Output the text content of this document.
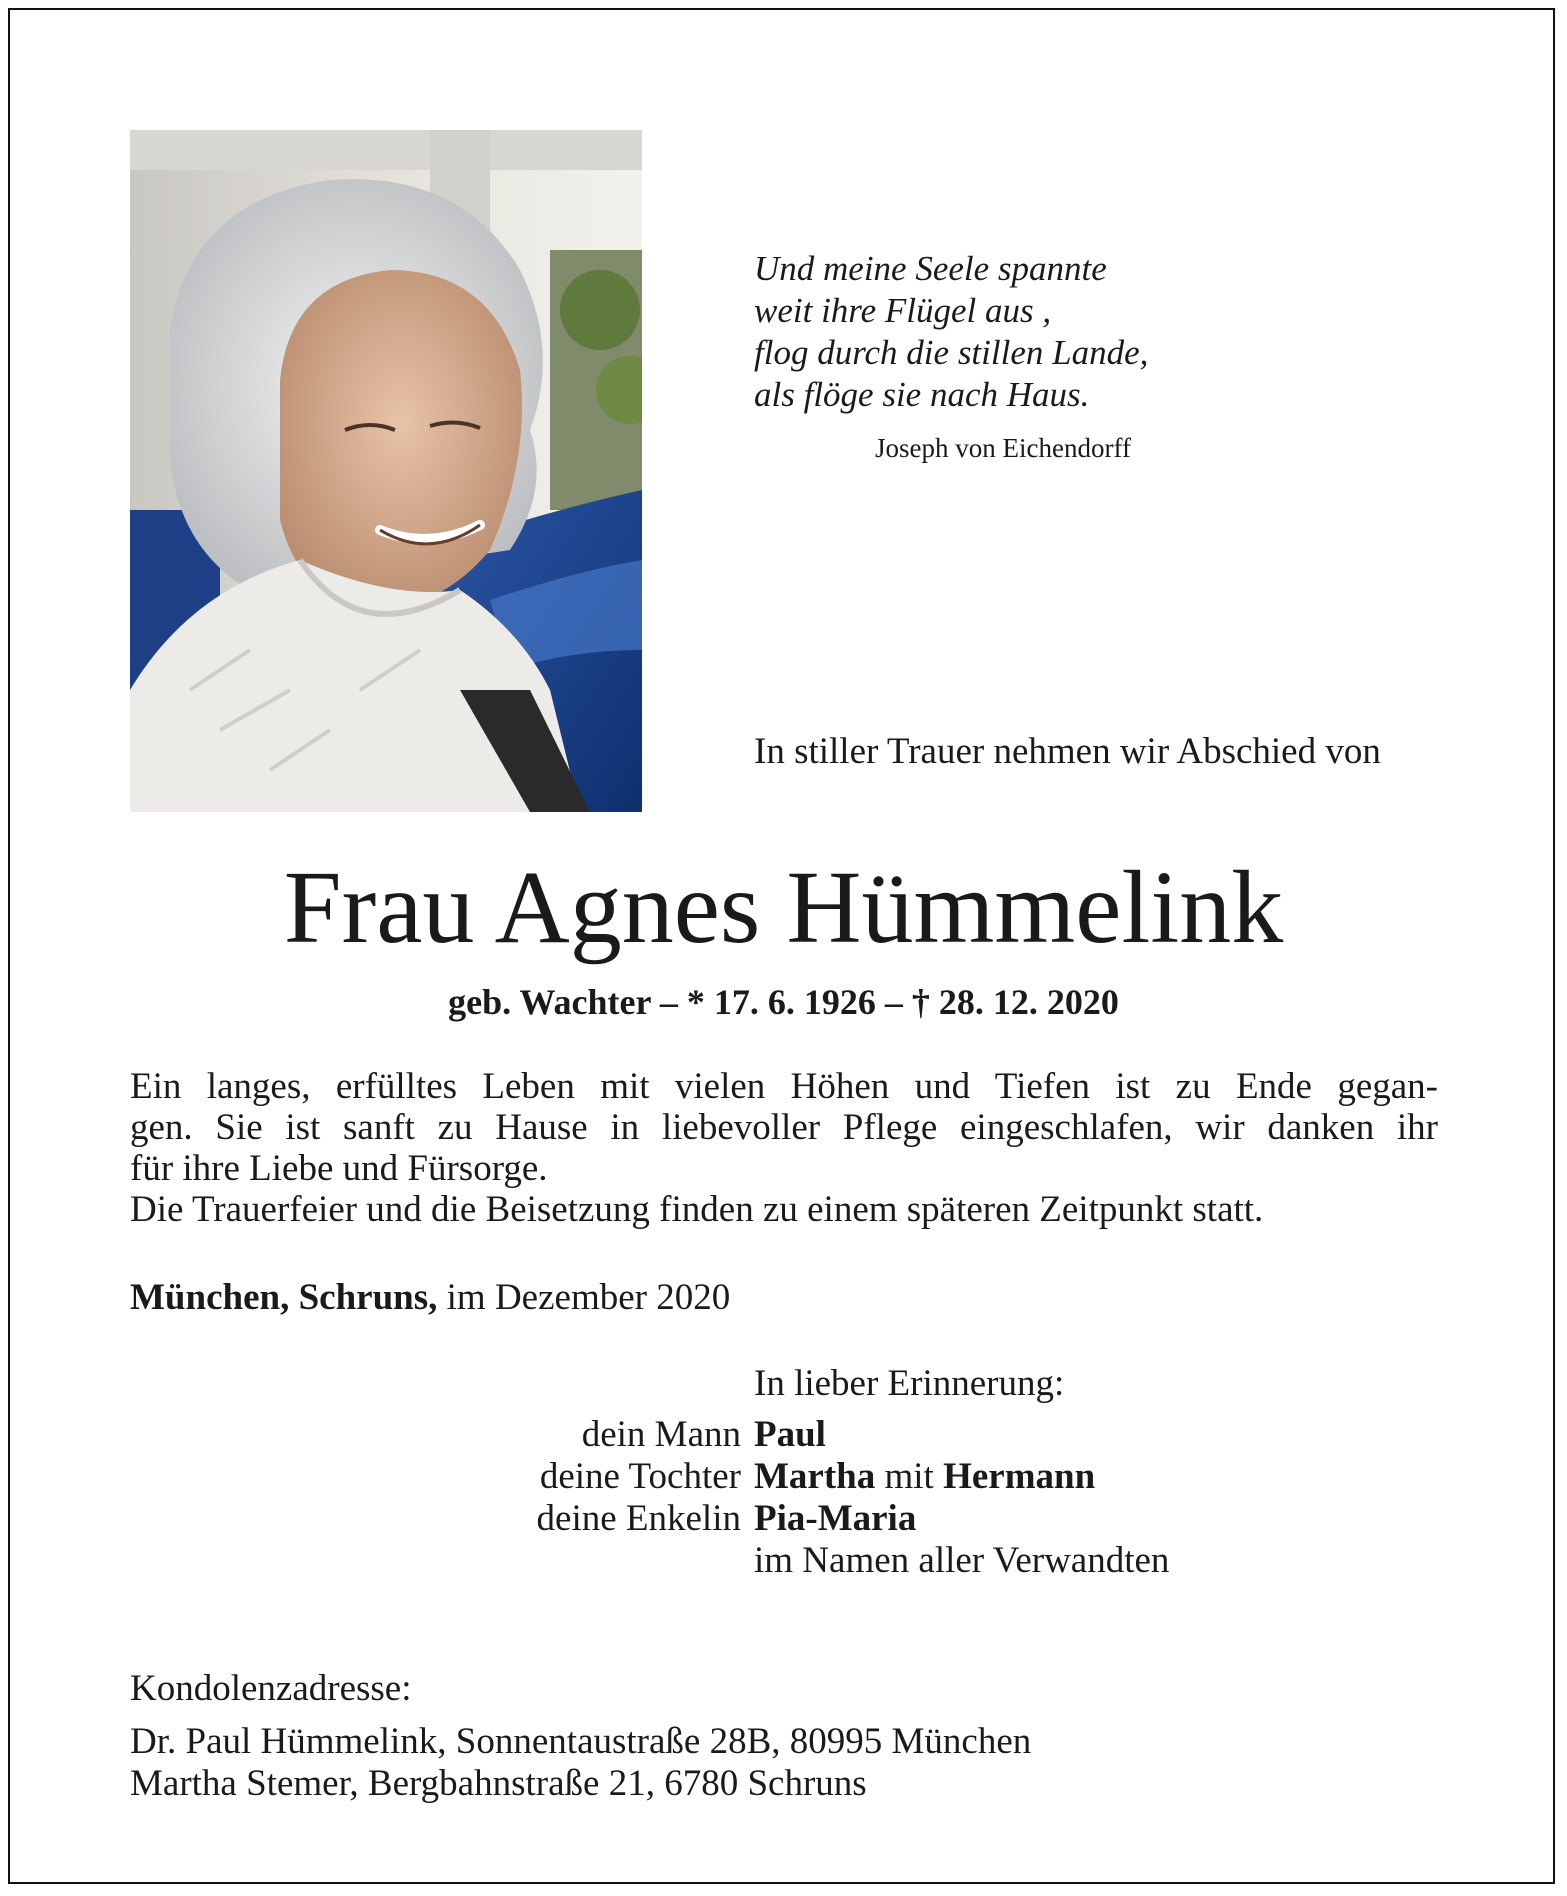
Und meine Seele spannte
weit ihre Flügel aus ,
flog durch die stillen Lande,
als flöge sie nach Haus.
Joseph von Eichendorff
In stiller Trauer nehmen wir Abschied von
Frau Agnes Hümmelink
geb. Wachter – * 17. 6. 1926 – † 28. 12. 2020
Ein langes, erfülltes Leben mit vielen Höhen und Tiefen ist zu Ende gegan-
gen. Sie ist sanft zu Hause in liebevoller Pflege eingeschlafen, wir danken ihr
für ihre Liebe und Fürsorge.
Die Trauerfeier und die Beisetzung finden zu einem späteren Zeitpunkt statt.
München, Schruns, im Dezember 2020
In lieber Erinnerung:
dein Mann Paul
deine Tochter Martha mit Hermann
deine Enkelin Pia-Maria
im Namen aller Verwandten
Kondolenzadresse:
Dr. Paul Hümmelink, Sonnentaustraße 28B, 80995 München
Martha Stemer, Bergbahnstraße 21, 6780 Schruns
